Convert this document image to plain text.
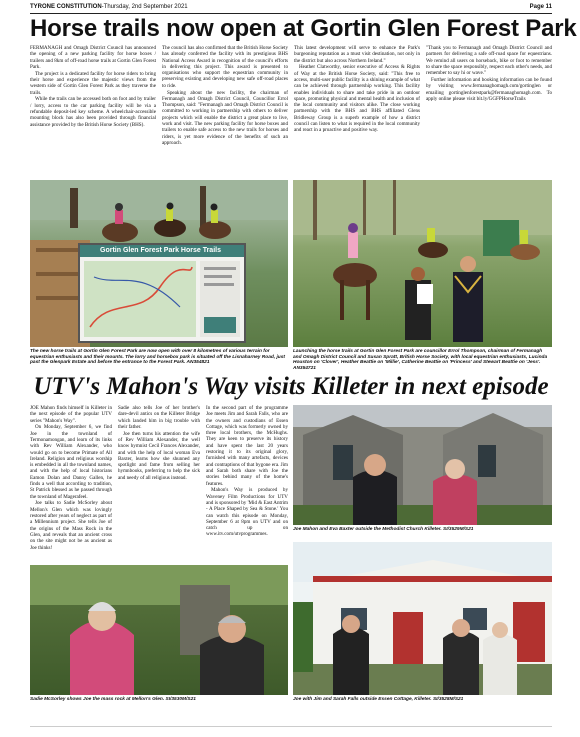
TYRONE CONSTITUTION-Thursday, 2nd September 2021	Page 11
Horse trails now open at Gortin Glen Forest Park

FERMANAGH and Omagh District Council has announced the opening of a new parking facility for horse boxes / trailers and 8km of off-road horse trails at Gortin Glen Forest Park.

The project is a dedicated facility for horse riders to bring their horse and experience the majestic views from the western side of Gortin Glen Forest Park as they traverse the trails.

While the trails can be accessed both on foot and by trailer / lorry, access to the car parking facility will be via a refundable deposit-led key scheme. A wheelchair-accessible mounting block has also been provided through financial assistance provided by the British Horse Society (BHS).

The council has also confirmed that the British Horse Society has already conferred the facility with its prestigious BHS National Access Award in recognition of the council's efforts in delivering this project. This award is presented to organisations who support the equestrian community in preserving existing and developing new safe off-road places to ride.

Speaking about the new facility, the chairman of Fermanagh and Omagh District Council, Councillor Errol Thompson, said: "Fermanagh and Omagh District Council is committed to working in partnership with others to deliver projects which will enable the district a great place to live, work and visit. The new parking facility for horse boxes and trailers to enable safe access to the new trails for horses and riders, is yet more evidence of the benefits of such an approach.

This latest development will serve to enhance the Park's burgeoning reputation as a must visit destination, not only in the district but also across Northern Ireland."

Heather Clatworthy, senior executive of Access & Rights of Way at the British Horse Society, said: "This free to access, multi-user public facility is a shining example of what can be achieved through partnership working. This facility enables individuals to share and take pride in an outdoor space, promoting physical and mental health and inclusion of the local community and visitors alike. The close working partnership with the BHS and BHS affiliated Glens Bridleway Group is a superb example of how a district council can listen to what is required in the local community and react in a proactive and positive way.

"Thank you to Fermanagh and Omagh District Council and partners for delivering a safe off-road space for equestrians. We remind all users on horseback, bike or foot to remember to share the space responsibly, respect each other's needs, and remember to say hi or wave."

Further information and booking information can be found by visiting www.fermanaghomagh.com/gortinglen or emailing gortinglenforestpark@fermanaghomagh.com. To apply online please visit bit.ly/GGFPHorseTrails

Gortin Glen Forest Park Horse Trails
The new horse trails at Gortin Glen Forest Park are now open with over 8 kilometres of various terrain for equestrian enthusiasts and their mounts. The lorry and horsebox park is situated off the Lisnaharney Road, just past the Glenpark Estate and before the entrance to the Forest Park. AN354821
Launching the horse trails at Gortin Glen Forest Park are councillor Errol Thompson, chairman of Fermanagh and Omagh District Council and Susan Spratt, British Horse Society, with local equestrian enthusiasts, Lucinda Houston on 'Clover', Heather Beattie on 'Millie', Catherine Beattie on 'Princess' and Stewart Beattie on 'Jess'. AN354721
UTV's Mahon's Way visits Killeter in next episode

JOE Mahon finds himself in Killeter in the next episode of the popular UTV series "Mahon's Way".

On Monday, September 6, we find Joe in the townland of Termonamongan, and learn of its links with Rev William Alexander, who would go on to become Primate of All Ireland. Religion and religious worship is embedded in all the townland names, and with the help of local historians Eamon Dolan and Danny Gallen, he finds a well that according to tradition, St Patrick blessed as he passed through the townland of Magerafeel.

Joe talks to Sadie McSorley about Mellon's Glen which was lovingly restored after years of neglect as part of a Millennium project. She tells Joe of the origins of the Mass Rock in the Glen, and reveals that an ancient cross on the site might not be as ancient as Joe thinks!

Sadie also tells Joe of her brother's dare-devil antics on the Killeter Bridge which landed him in big trouble with their father.

Joe then turns his attention the wife of Rev William Alexander, the well know hymnist Cecil Frances Alexander, and with the help of local woman Eva Baxter, learns how she shunned any spotlight and fame from selling her hymnbooks, preferring to help the sick and needy of all religious instead.

In the second part of the programme Joe meets Jim and Sarah Falls, who are the owners and custodians of Essen Cottage, which was formerly owned by three local brothers, the McHughs. They are keen to preserve its history and have spent the last 20 years restoring it to its original glory, furnished with many artefacts, devices and contraptions of that bygone era. Jim and Sarah both share with Joe the stories behind many of the home's features.

Mahon's Way is produced by Waveney Film Productions for UTV and is sponsored by 'Mid & East Antrim - A Place Shaped by Sea & Stone.' You can watch this episode on Monday, September 6 at 8pm on UTV and on catch up on www.itv.com/utvprogrammes.

Sadie McSorley shows Joe the mass rock at Mellon's Glen. SI/3530M/S21
Joe Mahon and Eva Baxter outside the Methodist Church Killeter. SI/3529M/S21
Joe with Jim and Sarah Falls outside Essen Cottage, Killeter. SI/3528M/S21
